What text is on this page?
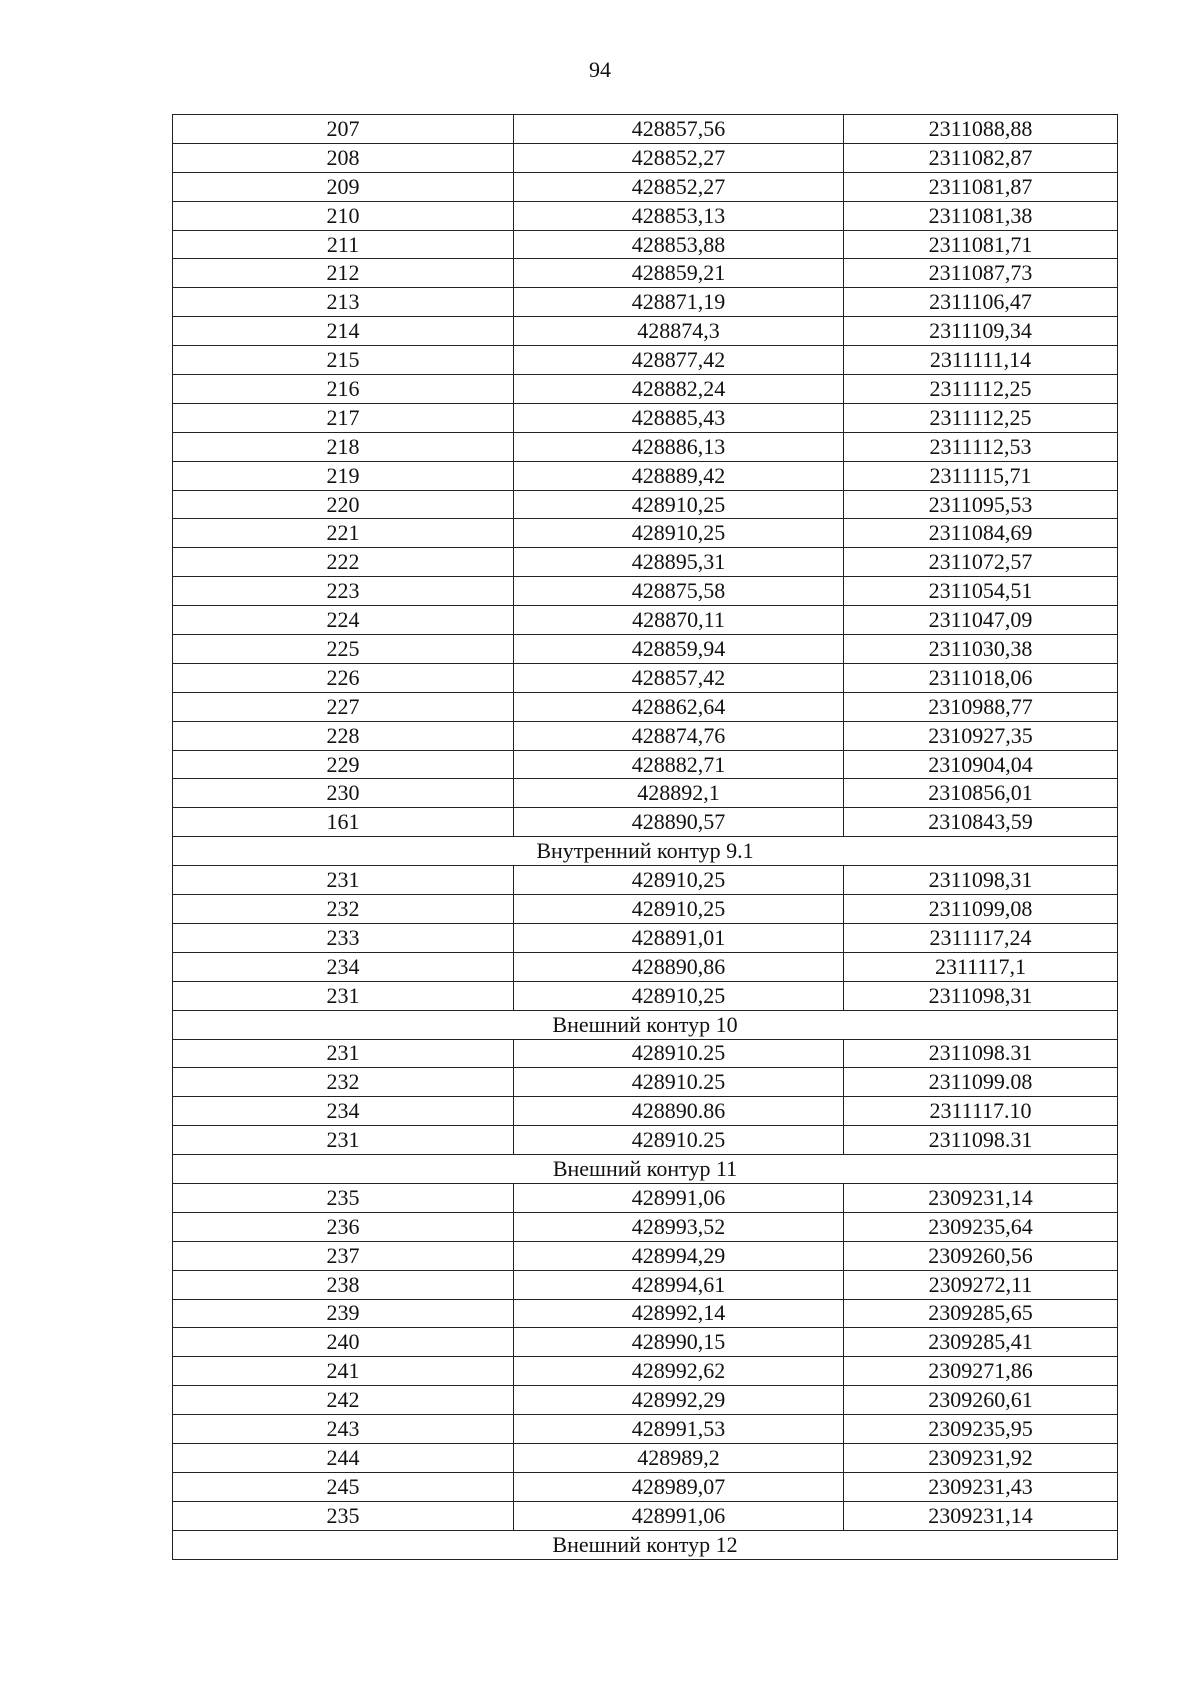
94
207	428857,56	2311088,88
208	428852,27	2311082,87
209	428852,27	2311081,87
210	428853,13	2311081,38
211	428853,88	2311081,71
212	428859,21	2311087,73
213	428871,19	2311106,47
214	428874,3	2311109,34
215	428877,42	2311111,14
216	428882,24	2311112,25
217	428885,43	2311112,25
218	428886,13	2311112,53
219	428889,42	2311115,71
220	428910,25	2311095,53
221	428910,25	2311084,69
222	428895,31	2311072,57
223	428875,58	2311054,51
224	428870,11	2311047,09
225	428859,94	2311030,38
226	428857,42	2311018,06
227	428862,64	2310988,77
228	428874,76	2310927,35
229	428882,71	2310904,04
230	428892,1	2310856,01
161	428890,57	2310843,59
Внутренний контур 9.1		
231	428910,25	2311098,31
232	428910,25	2311099,08
233	428891,01	2311117,24
234	428890,86	2311117,1
231	428910,25	2311098,31
Внешний контур 10		
231	428910.25	2311098.31
232	428910.25	2311099.08
234	428890.86	2311117.10
231	428910.25	2311098.31
Внешний контур 11		
235	428991,06	2309231,14
236	428993,52	2309235,64
237	428994,29	2309260,56
238	428994,61	2309272,11
239	428992,14	2309285,65
240	428990,15	2309285,41
241	428992,62	2309271,86
242	428992,29	2309260,61
243	428991,53	2309235,95
244	428989,2	2309231,92
245	428989,07	2309231,43
235	428991,06	2309231,14
Внешний контур 12		
